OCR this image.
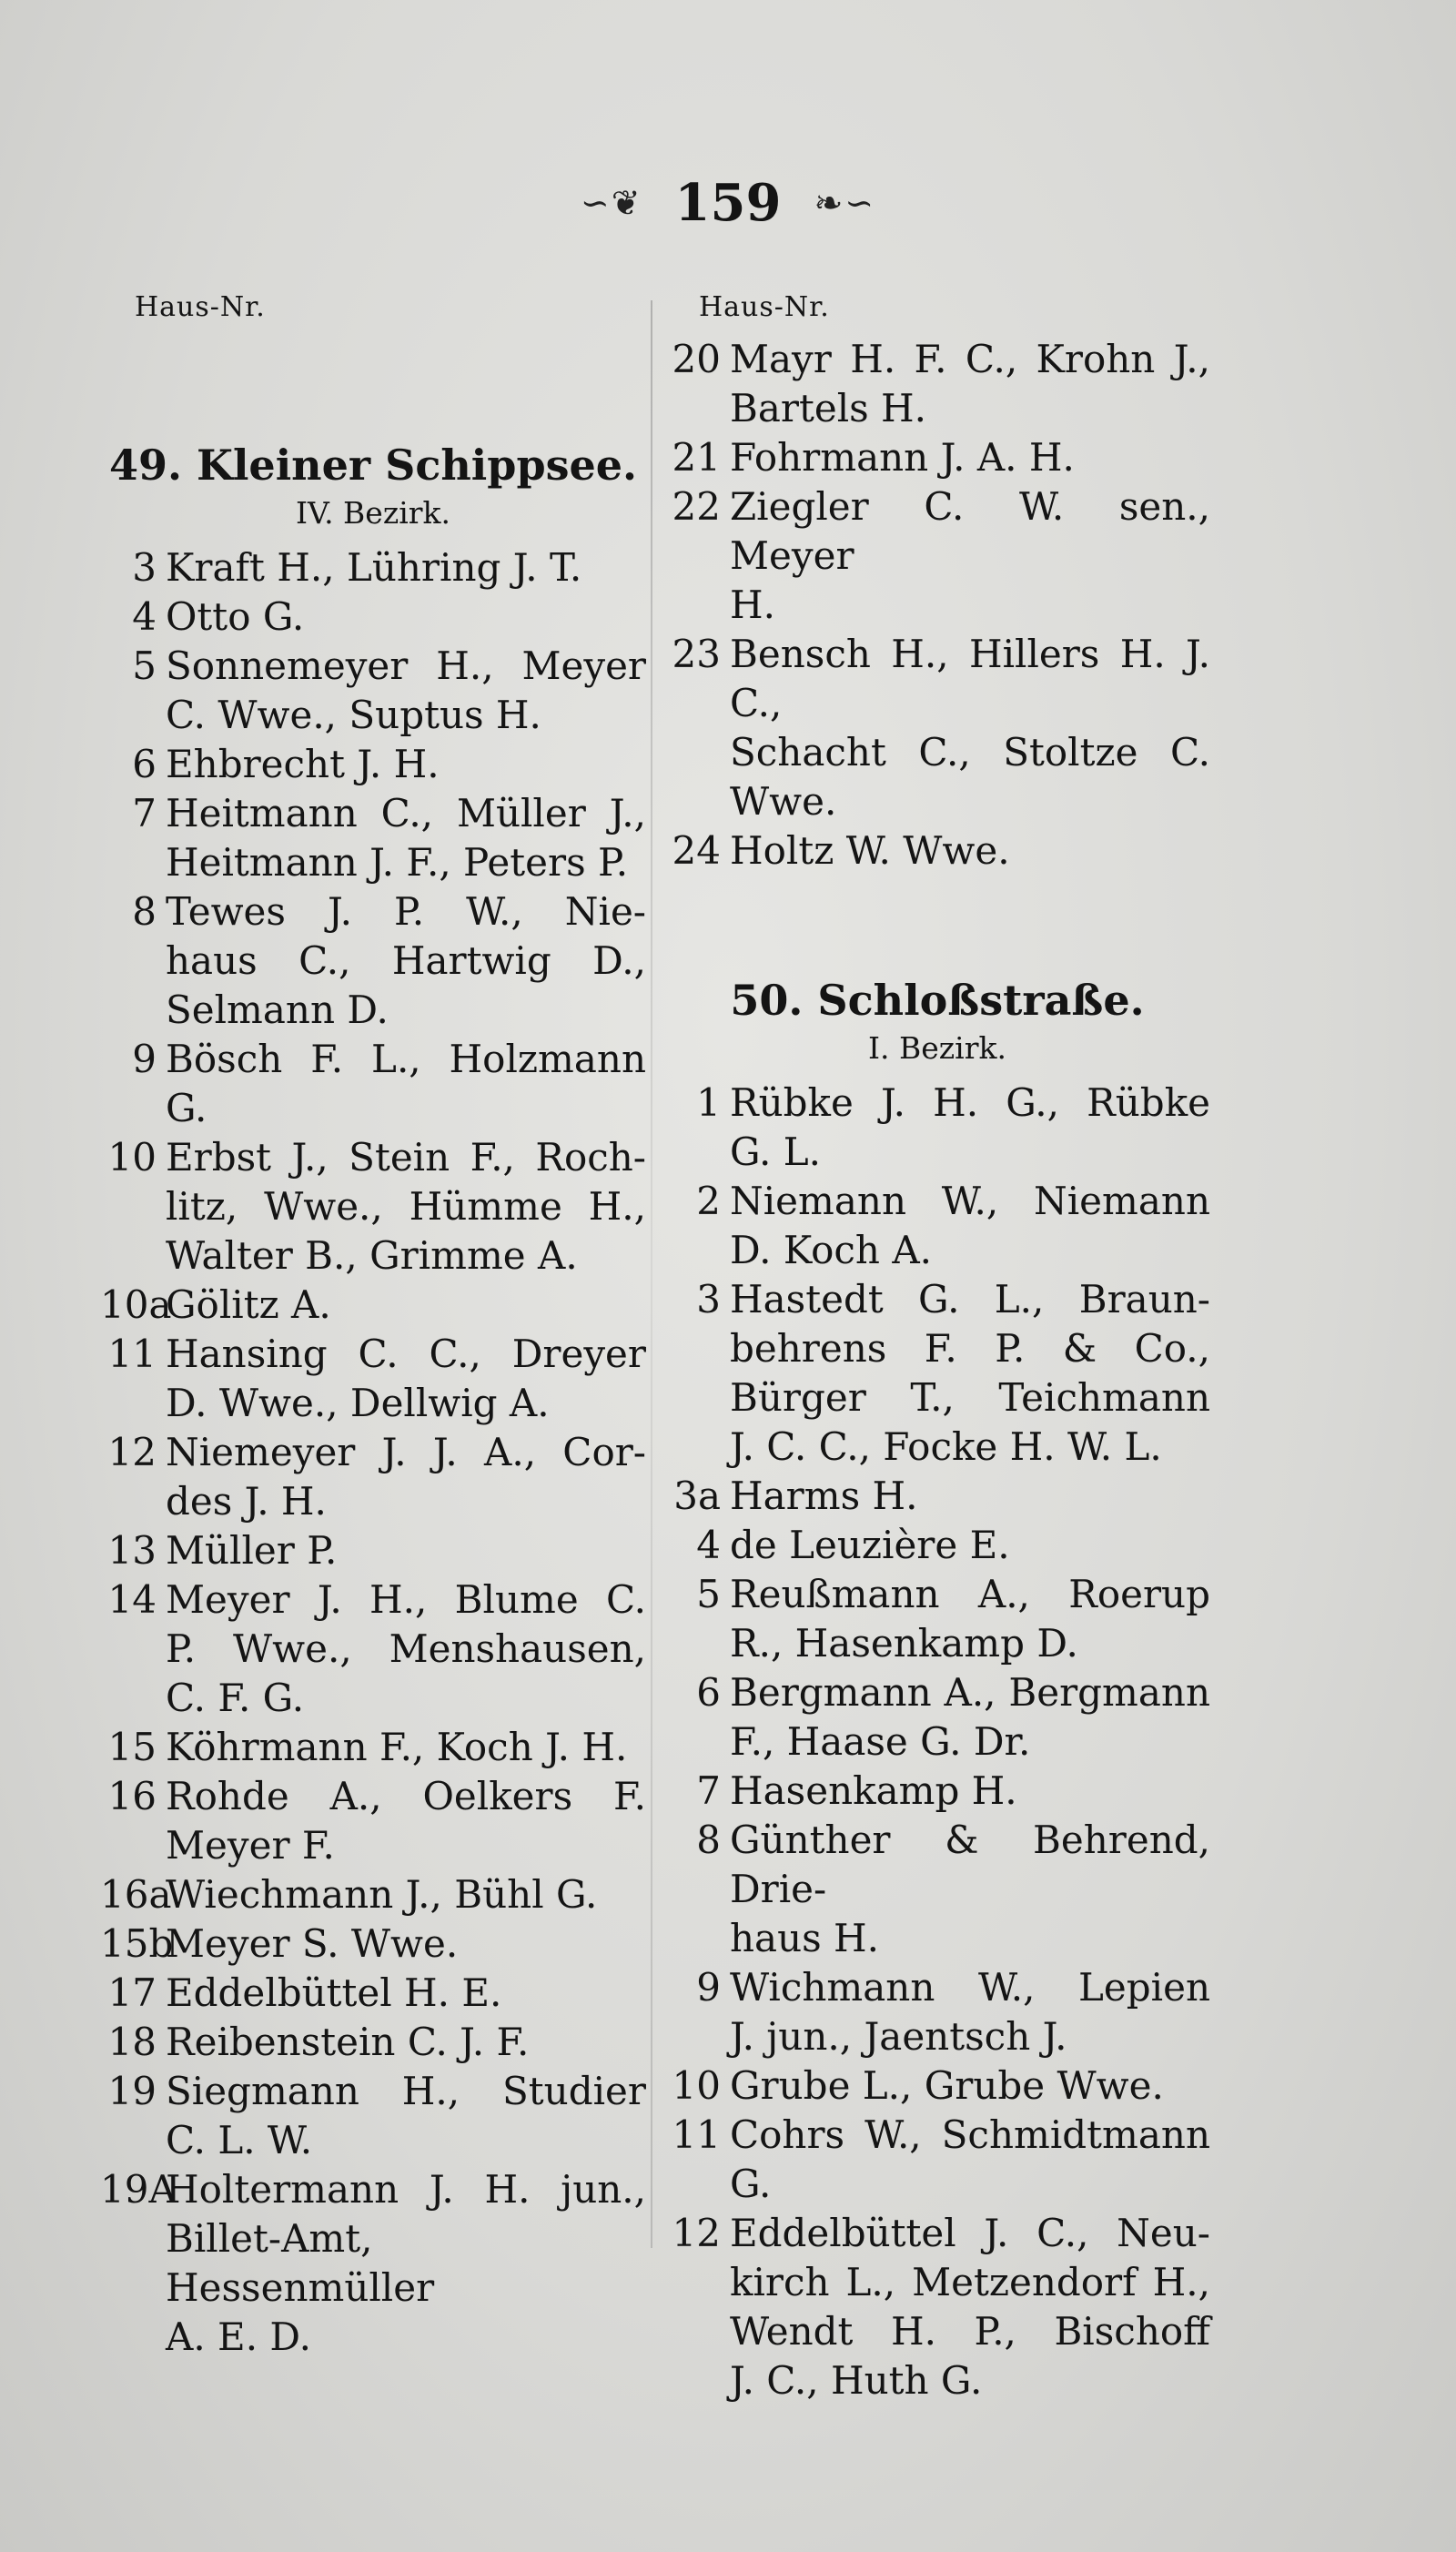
∽❦ 159 ❧∽
Haus-Nr.
49. Kleiner Schippsee.
IV. Bezirk.
3 Kraft H., Lühring J. T.
4 Otto G.
5 Sonnemeyer H., Meyer
C. Wwe., Suptus H.
6 Ehbrecht J. H.
7 Heitmann C., Müller J.,
Heitmann J. F., Peters P.
8 Tewes J. P. W., Nie-
haus C., Hartwig D.,
Selmann D.
9 Bösch F. L., Holzmann G.
10 Erbst J., Stein F., Roch-
litz, Wwe., Hümme H.,
Walter B., Grimme A.
10a
Gölitz A.
11 Hansing C. C., Dreyer
D. Wwe., Dellwig A.
12 Niemeyer J. J. A., Cor-
des J. H.
13 Müller P.
14 Meyer J. H., Blume C.
P. Wwe., Menshausen,
C. F. G.
15 Köhrmann F., Koch J. H.
16 Rohde A., Oelkers F.
Meyer F.
16a
Wiechmann J., Bühl G.
15b
Meyer S. Wwe.
17 Eddelbüttel H. E.
18 Reibenstein C. J. F.
19 Siegmann H., Studier
C. L. W.
19A
Holtermann J. H. jun.,
Billet-Amt, Hessenmüller
A. E. D.
Haus-Nr.
20 Mayr H. F. C., Krohn J.,
Bartels H.
21 Fohrmann J. A. H.
22 Ziegler C. W. sen., Meyer
H.
23 Bensch H., Hillers H. J. C.,
Schacht C., Stoltze C.
Wwe.
24 Holtz W. Wwe.
50. Schloßstraße.
I. Bezirk.
1 Rübke J. H. G., Rübke
G. L.
2 Niemann W., Niemann
D. Koch A.
3 Hastedt G. L., Braun-
behrens F. P. & Co.,
Bürger T., Teichmann
J. C. C., Focke H. W. L.
3a Harms H.
4 de Leuzière E.
5 Reußmann A., Roerup
R., Hasenkamp D.
6 Bergmann A., Bergmann
F., Haase G. Dr.
7 Hasenkamp H.
8 Günther & Behrend, Drie-
haus H.
9 Wichmann W., Lepien
J. jun., Jaentsch J.
10 Grube L., Grube Wwe.
11 Cohrs W., Schmidtmann
G.
12 Eddelbüttel J. C., Neu-
kirch L., Metzendorf H.,
Wendt H. P., Bischoff
J. C., Huth G.
